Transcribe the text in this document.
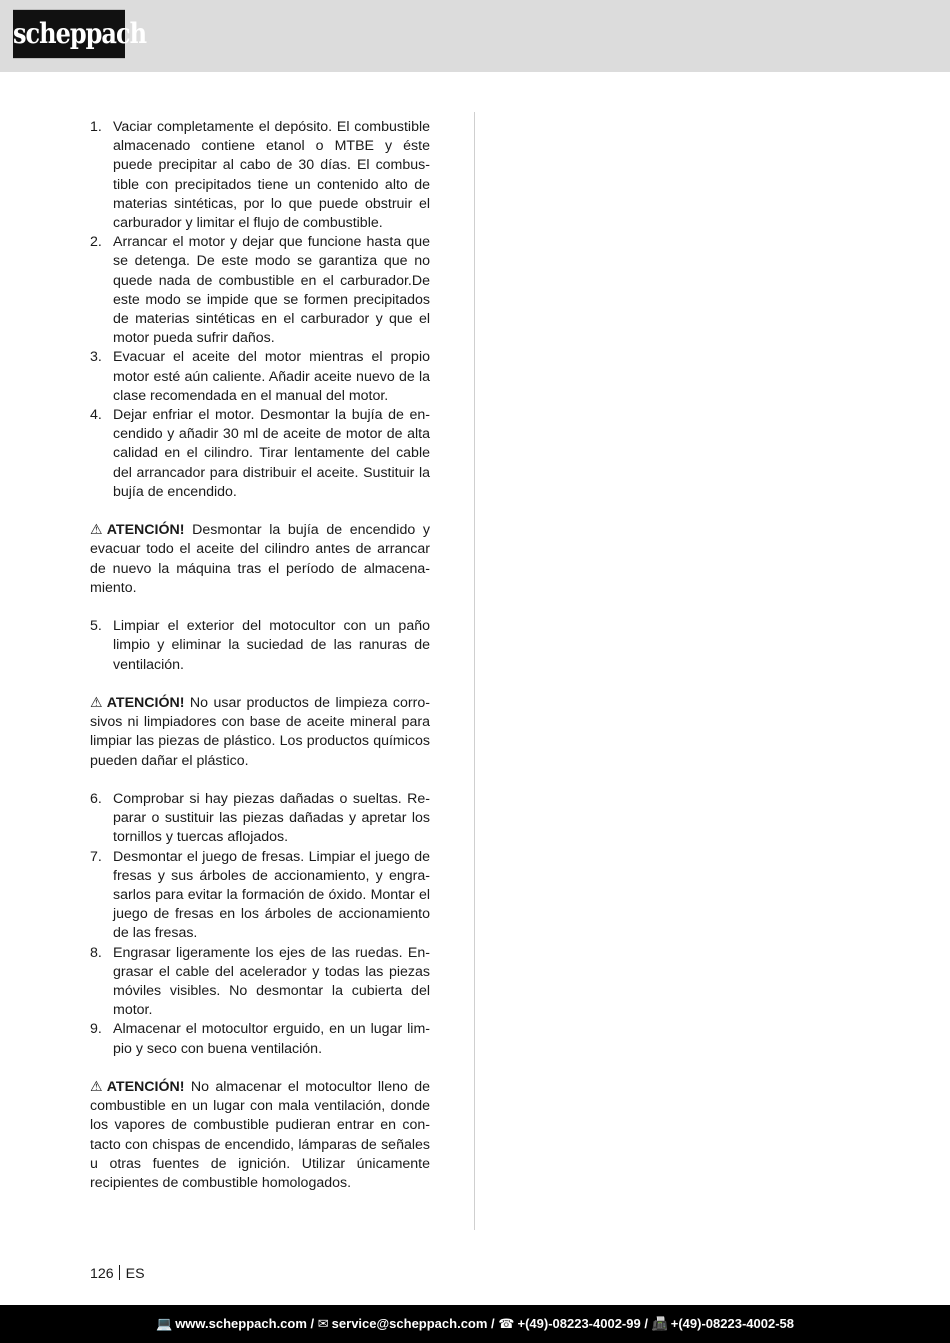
scheppach
1. Vaciar completamente el depósito. El combustible almacenado contiene etanol o MTBE y éste puede precipitar al cabo de 30 días. El combustible con precipitados tiene un contenido alto de materias sintéticas, por lo que puede obstruir el carburador y limitar el flujo de combustible.
2. Arrancar el motor y dejar que funcione hasta que se detenga. De este modo se garantiza que no quede nada de combustible en el carburador.De este modo se impide que se formen precipitados de materias sintéticas en el carburador y que el motor pueda sufrir daños.
3. Evacuar el aceite del motor mientras el propio motor esté aún caliente. Añadir aceite nuevo de la clase recomendada en el manual del motor.
4. Dejar enfriar el motor. Desmontar la bujía de encendido y añadir 30 ml de aceite de motor de alta calidad en el cilindro. Tirar lentamente del cable del arrancador para distribuir el aceite. Sustituir la bujía de encendido.

⚠ ATENCIÓN! Desmontar la bujía de encendido y evacuar todo el aceite del cilindro antes de arrancar de nuevo la máquina tras el período de almacenamiento.

5. Limpiar el exterior del motocultor con un paño limpio y eliminar la suciedad de las ranuras de ventilación.

⚠ ATENCIÓN! No usar productos de limpieza corrosivos ni limpiadores con base de aceite mineral para limpiar las piezas de plástico. Los productos químicos pueden dañar el plástico.

6. Comprobar si hay piezas dañadas o sueltas. Reparar o sustituir las piezas dañadas y apretar los tornillos y tuercas aflojados.
7. Desmontar el juego de fresas. Limpiar el juego de fresas y sus árboles de accionamiento, y engrasarlos para evitar la formación de óxido. Montar el juego de fresas en los árboles de accionamiento de las fresas.
8. Engrasar ligeramente los ejes de las ruedas. Engrasar el cable del acelerador y todas las piezas móviles visibles. No desmontar la cubierta del motor.
9. Almacenar el motocultor erguido, en un lugar limpio y seco con buena ventilación.

⚠ ATENCIÓN! No almacenar el motocultor lleno de combustible en un lugar con mala ventilación, donde los vapores de combustible pudieran entrar en contacto con chispas de encendido, lámparas de señales u otras fuentes de ignición. Utilizar únicamente recipientes de combustible homologados.

126 ES
💻 www.scheppach.com / ✉ service@scheppach.com / ☎ +(49)-08223-4002-99 / 📠 +(49)-08223-4002-58
